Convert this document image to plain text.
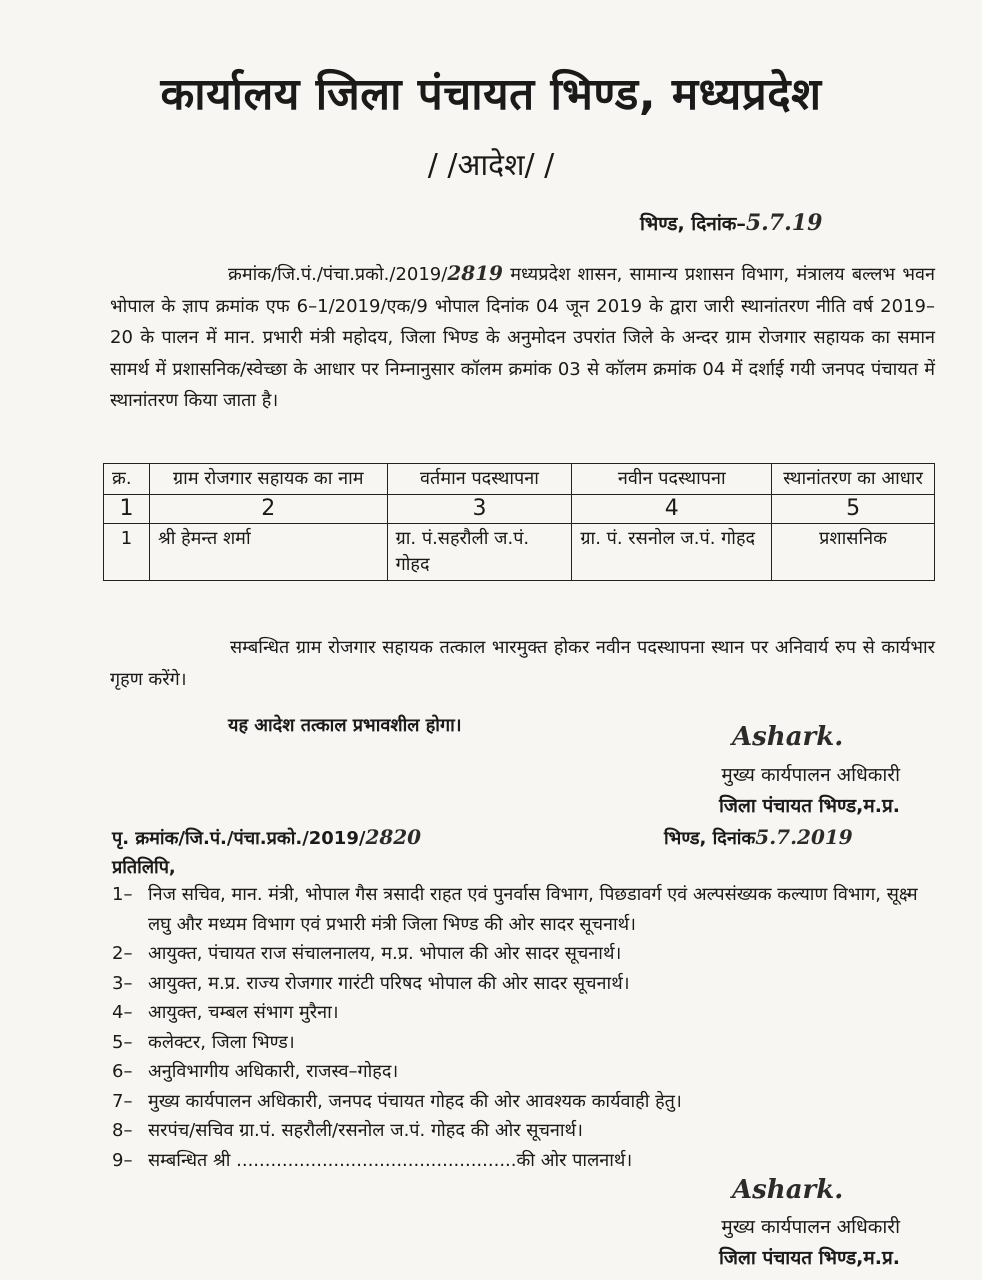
कार्यालय जिला पंचायत भिण्ड, मध्यप्रदेश
/ /आदेश/ /
भिण्ड, दिनांक–5.7.19
क्रमांक/जि.पं./पंचा.प्रको./2019/2819 मध्यप्रदेश शासन, सामान्य प्रशासन विभाग, मंत्रालय बल्लभ भवन भोपाल के ज्ञाप क्रमांक एफ 6–1/2019/एक/9 भोपाल दिनांक 04 जून 2019 के द्वारा जारी स्थानांतरण नीति वर्ष 2019–20 के पालन में मान. प्रभारी मंत्री महोदय, जिला भिण्ड के अनुमोदन उपरांत जिले के अन्दर ग्राम रोजगार सहायक का समान सामर्थ में प्रशासनिक/स्वेच्छा के आधार पर निम्नानुसार कॉलम क्रमांक 03 से कॉलम क्रमांक 04 में दर्शाई गयी जनपद पंचायत में स्थानांतरण किया जाता है।
क्र.	ग्राम रोजगार सहायक का नाम	वर्तमान पदस्थापना	नवीन पदस्थापना	स्थानांतरण का आधार
1	2	3	4	5
1	श्री हेमन्त शर्मा	ग्रा. पं.सहरौली ज.पं. गोहद	ग्रा. पं. रसनोल ज.पं. गोहद	प्रशासनिक
सम्बन्धित ग्राम रोजगार सहायक तत्काल भारमुक्त होकर नवीन पदस्थापना स्थान पर अनिवार्य रुप से कार्यभार गृहण करेंगे।
यह आदेश तत्काल प्रभावशील होगा।	Ashark.
मुख्य कार्यपालन अधिकारी
जिला पंचायत भिण्ड,म.प्र.
पृ. क्रमांक/जि.पं./पंचा.प्रको./2019/2820	भिण्ड, दिनांक5.7.2019
प्रतिलिपि,
1– निज सचिव, मान. मंत्री, भोपाल गैस त्रसादी राहत एवं पुनर्वास विभाग, पिछडावर्ग एवं अल्पसंख्यक कल्याण विभाग, सूक्ष्म लघु और मध्यम विभाग एवं प्रभारी मंत्री जिला भिण्ड की ओर सादर सूचनार्थ।
2– आयुक्त, पंचायत राज संचालनालय, म.प्र. भोपाल की ओर सादर सूचनार्थ।
3– आयुक्त, म.प्र. राज्य रोजगार गारंटी परिषद भोपाल की ओर सादर सूचनार्थ।
4– आयुक्त, चम्बल संभाग मुरैना।
5– कलेक्टर, जिला भिण्ड।
6– अनुविभागीय अधिकारी, राजस्व–गोहद।
7– मुख्य कार्यपालन अधिकारी, जनपद पंचायत गोहद की ओर आवश्यक कार्यवाही हेतु।
8– सरपंच/सचिव ग्रा.पं. सहरौली/रसनोल ज.पं. गोहद की ओर सूचनार्थ।
9– सम्बन्धित श्री .................................................की ओर पालनार्थ।
Ashark.
मुख्य कार्यपालन अधिकारी
जिला पंचायत भिण्ड,म.प्र.
